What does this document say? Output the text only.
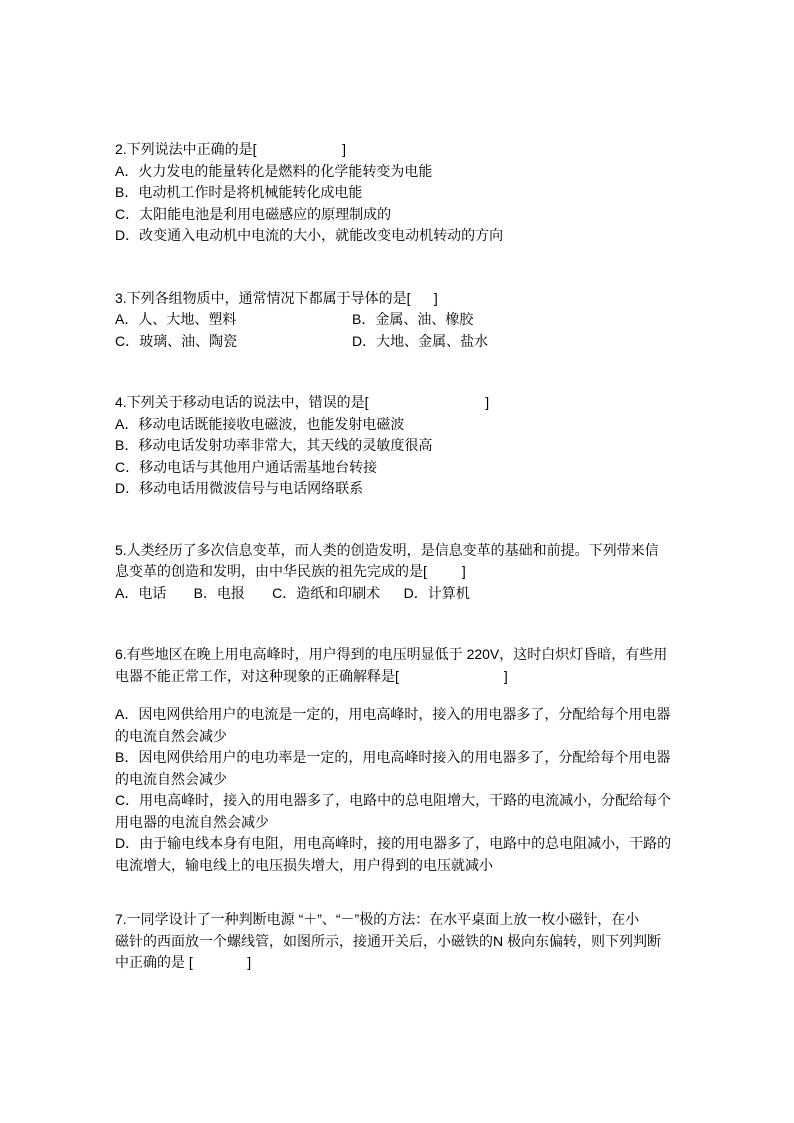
2.下列说法中正确的是[                      ]
A．火力发电的能量转化是燃料的化学能转变为电能
B．电动机工作时是将机械能转化成电能
C．太阳能电池是利用电磁感应的原理制成的
D．改变通入电动机中电流的大小，就能改变电动机转动的方向
3.下列各组物质中，通常情况下都属于导体的是[      ]
A．人、大地、塑料	B．金属、油、橡胶
C．玻璃、油、陶瓷	D．大地、金属、盐水
4.下列关于移动电话的说法中，错误的是[                              ]
A．移动电话既能接收电磁波，也能发射电磁波
B．移动电话发射功率非常大，其天线的灵敏度很高
C．移动电话与其他用户通话需基地台转接
D．移动电话用微波信号与电话网络联系
5.人类经历了多次信息变革，而人类的创造发明，是信息变革的基础和前提。下列带来信
息变革的创造和发明，由中华民族的祖先完成的是[         ]
A．电话       B．电报       C．造纸和印刷术      D．计算机
6.有些地区在晚上用电高峰时，用户得到的电压明显低于 220V，这时白炽灯昏暗，有些用
电器不能正常工作，对这种现象的正确解释是[                           ]
A．因电网供给用户的电流是一定的，用电高峰时，接入的用电器多了，分配给每个用电器
的电流自然会减少
B．因电网供给用户的电功率是一定的，用电高峰时接入的用电器多了，分配给每个用电器
的电流自然会减少
C．用电高峰时，接入的用电器多了，电路中的总电阻增大，干路的电流减小，分配给每个
用电器的电流自然会减少
D．由于输电线本身有电阻，用电高峰时，接的用电器多了，电路中的总电阻减小，干路的
电流增大，输电线上的电压损失增大，用户得到的电压就减小
7.一同学设计了一种判断电源 “＋”、“－”极的方法：在水平桌面上放一枚小磁针，在小
磁针的西面放一个螺线管，如图所示，接通开关后，小磁铁的N 极向东偏转，则下列判断
中正确的是 [              ]
